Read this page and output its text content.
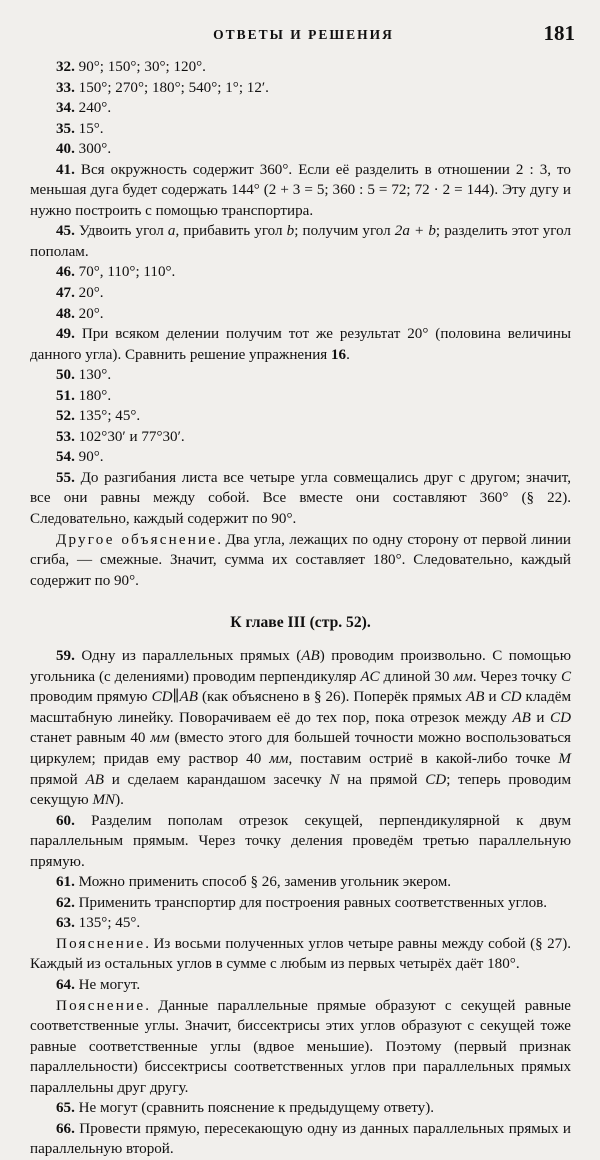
ОТВЕТЫ И РЕШЕНИЯ	181

32. 90°; 150°; 30°; 120°.

33. 150°; 270°; 180°; 540°; 1°; 12′.

34. 240°.

35. 15°.

40. 300°.

41. Вся окружность содержит 360°. Если её разделить в отношении 2 : 3, то меньшая дуга будет содержать 144° (2 + 3 = 5; 360 : 5 = 72; 72 · 2 = 144). Эту дугу и нужно построить с помощью транспортира.

45. Удвоить угол a, прибавить угол b; получим угол 2a + b; разделить этот угол пополам.

46. 70°, 110°; 110°.

47. 20°.

48. 20°.

49. При всяком делении получим тот же результат 20° (половина величины данного угла). Сравнить решение упражнения 16.

50. 130°.

51. 180°.

52. 135°; 45°.

53. 102°30′ и 77°30′.

54. 90°.

55. До разгибания листа все четыре угла совмещались друг с другом; значит, все они равны между собой. Все вместе они составляют 360° (§ 22). Следовательно, каждый содержит по 90°.

Другое объяснение. Два угла, лежащих по одну сторону от первой линии сгиба, — смежные. Значит, сумма их составляет 180°. Следовательно, каждый содержит по 90°.

К главе III (стр. 52).

59. Одну из параллельных прямых (AB) проводим произвольно. С помощью угольника (с делениями) проводим перпендикуляр AC длиной 30 мм. Через точку C проводим прямую CD∥AB (как объяснено в § 26). Поперёк прямых AB и CD кладём масштабную линейку. Поворачиваем её до тех пор, пока отрезок между AB и CD станет равным 40 мм (вместо этого для большей точности можно воспользоваться циркулем; придав ему раствор 40 мм, поставим остриё в какой-либо точке M прямой AB и сделаем карандашом засечку N на прямой CD; теперь проводим секущую MN).

60. Разделим пополам отрезок секущей, перпендикулярной к двум параллельным прямым. Через точку деления проведём третью параллельную прямую.

61. Можно применить способ § 26, заменив угольник экером.

62. Применить транспортир для построения равных соответственных углов.

63. 135°; 45°.

Пояснение. Из восьми полученных углов четыре равны между собой (§ 27). Каждый из остальных углов в сумме с любым из первых четырёх даёт 180°.

64. Не могут.

Пояснение. Данные параллельные прямые образуют с секущей равные соответственные углы. Значит, биссектрисы этих углов образуют с секущей тоже равные соответственные углы (вдвое меньшие). Поэтому (первый признак параллельности) биссектрисы соответственных углов при параллельных прямых параллельны друг другу.

65. Не могут (сравнить пояснение к предыдущему ответу).

66. Провести прямую, пересекающую одну из данных параллельных прямых и параллельную второй.
